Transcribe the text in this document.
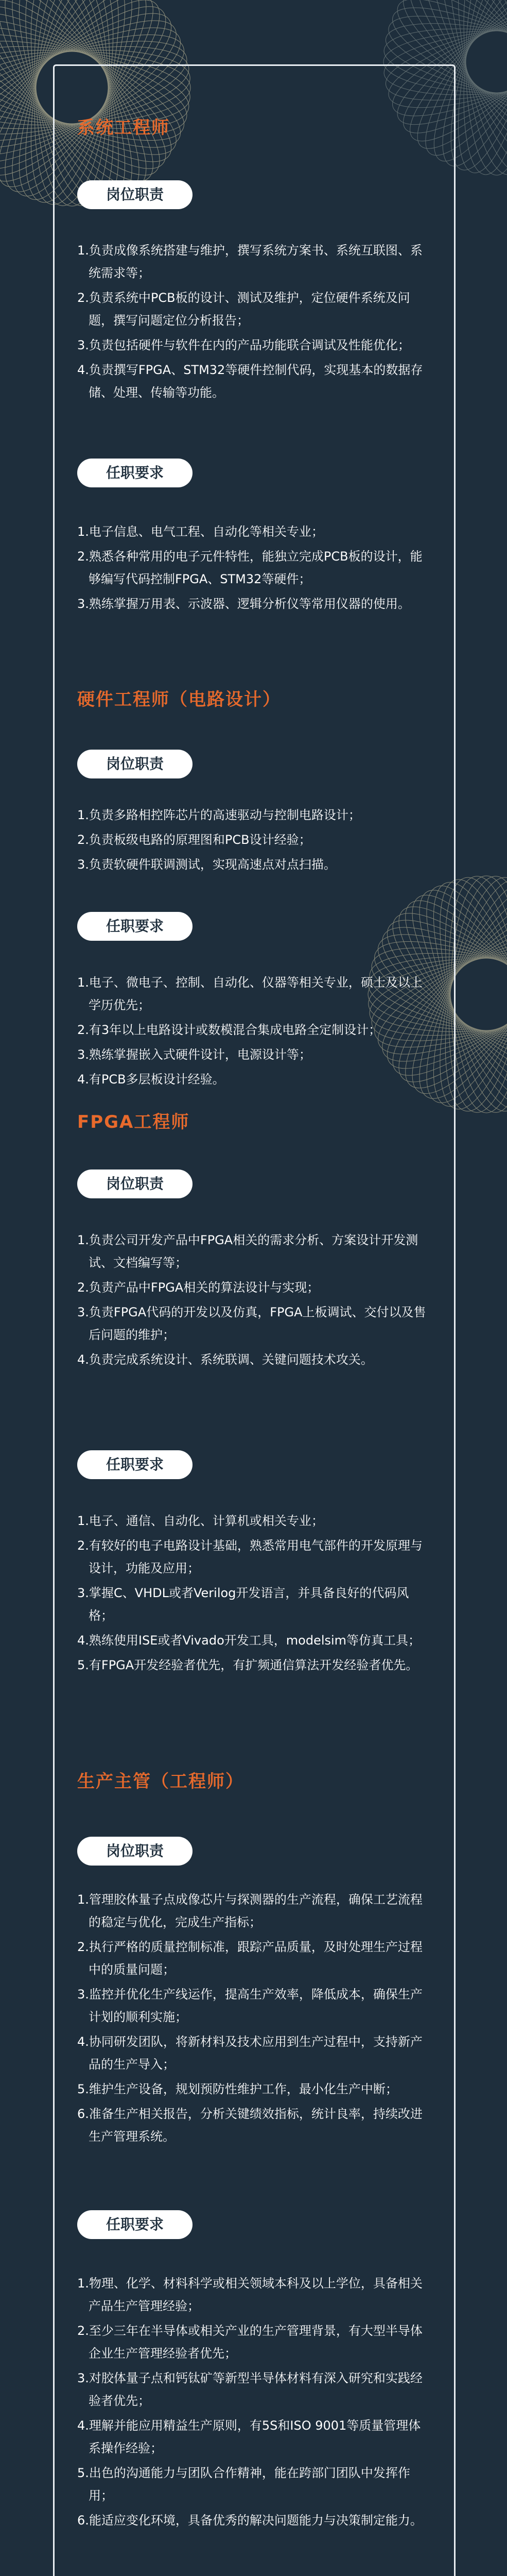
系统工程师
岗位职责
1.负责成像系统搭建与维护，撰写系统方案书、系统互联图、系统需求等；
2.负责系统中PCB板的设计、测试及维护，定位硬件系统及问题，撰写问题定位分析报告；
3.负责包括硬件与软件在内的产品功能联合调试及性能优化；
4.负责撰写FPGA、STM32等硬件控制代码，实现基本的数据存储、处理、传输等功能。
任职要求
1.电子信息、电气工程、自动化等相关专业；
2.熟悉各种常用的电子元件特性，能独立完成PCB板的设计，能够编写代码控制FPGA、STM32等硬件；
3.熟练掌握万用表、示波器、逻辑分析仪等常用仪器的使用。
硬件工程师（电路设计）
岗位职责
1.负责多路相控阵芯片的高速驱动与控制电路设计；
2.负责板级电路的原理图和PCB设计经验；
3.负责软硬件联调测试，实现高速点对点扫描。
任职要求
1.电子、微电子、控制、自动化、仪器等相关专业，硕士及以上学历优先；
2.有3年以上电路设计或数模混合集成电路全定制设计；
3.熟练掌握嵌入式硬件设计，电源设计等；
4.有PCB多层板设计经验。
FPGA工程师
岗位职责
1.负责公司开发产品中FPGA相关的需求分析、方案设计开发测试、文档编写等；
2.负责产品中FPGA相关的算法设计与实现；
3.负责FPGA代码的开发以及仿真，FPGA上板调试、交付以及售后问题的维护；
4.负责完成系统设计、系统联调、关键问题技术攻关。
任职要求
1.电子、通信、自动化、计算机或相关专业；
2.有较好的电子电路设计基础，熟悉常用电气部件的开发原理与设计，功能及应用；
3.掌握C、VHDL或者Verilog开发语言，并具备良好的代码风格；
4.熟练使用ISE或者Vivado开发工具，modelsim等仿真工具；
5.有FPGA开发经验者优先，有扩频通信算法开发经验者优先。
生产主管（工程师）
岗位职责
1.管理胶体量子点成像芯片与探测器的生产流程，确保工艺流程的稳定与优化，完成生产指标；
2.执行严格的质量控制标准，跟踪产品质量，及时处理生产过程中的质量问题；
3.监控并优化生产线运作，提高生产效率，降低成本，确保生产计划的顺利实施；
4.协同研发团队，将新材料及技术应用到生产过程中，支持新产品的生产导入；
5.维护生产设备，规划预防性维护工作，最小化生产中断；
6.准备生产相关报告，分析关键绩效指标，统计良率，持续改进生产管理系统。
任职要求
1.物理、化学、材料科学或相关领域本科及以上学位，具备相关产品生产管理经验；
2.至少三年在半导体或相关产业的生产管理背景，有大型半导体企业生产管理经验者优先；
3.对胶体量子点和钙钛矿等新型半导体材料有深入研究和实践经验者优先；
4.理解并能应用精益生产原则，有5S和ISO 9001等质量管理体系操作经验；
5.出色的沟通能力与团队合作精神，能在跨部门团队中发挥作用；
6.能适应变化环境，具备优秀的解决问题能力与决策制定能力。
